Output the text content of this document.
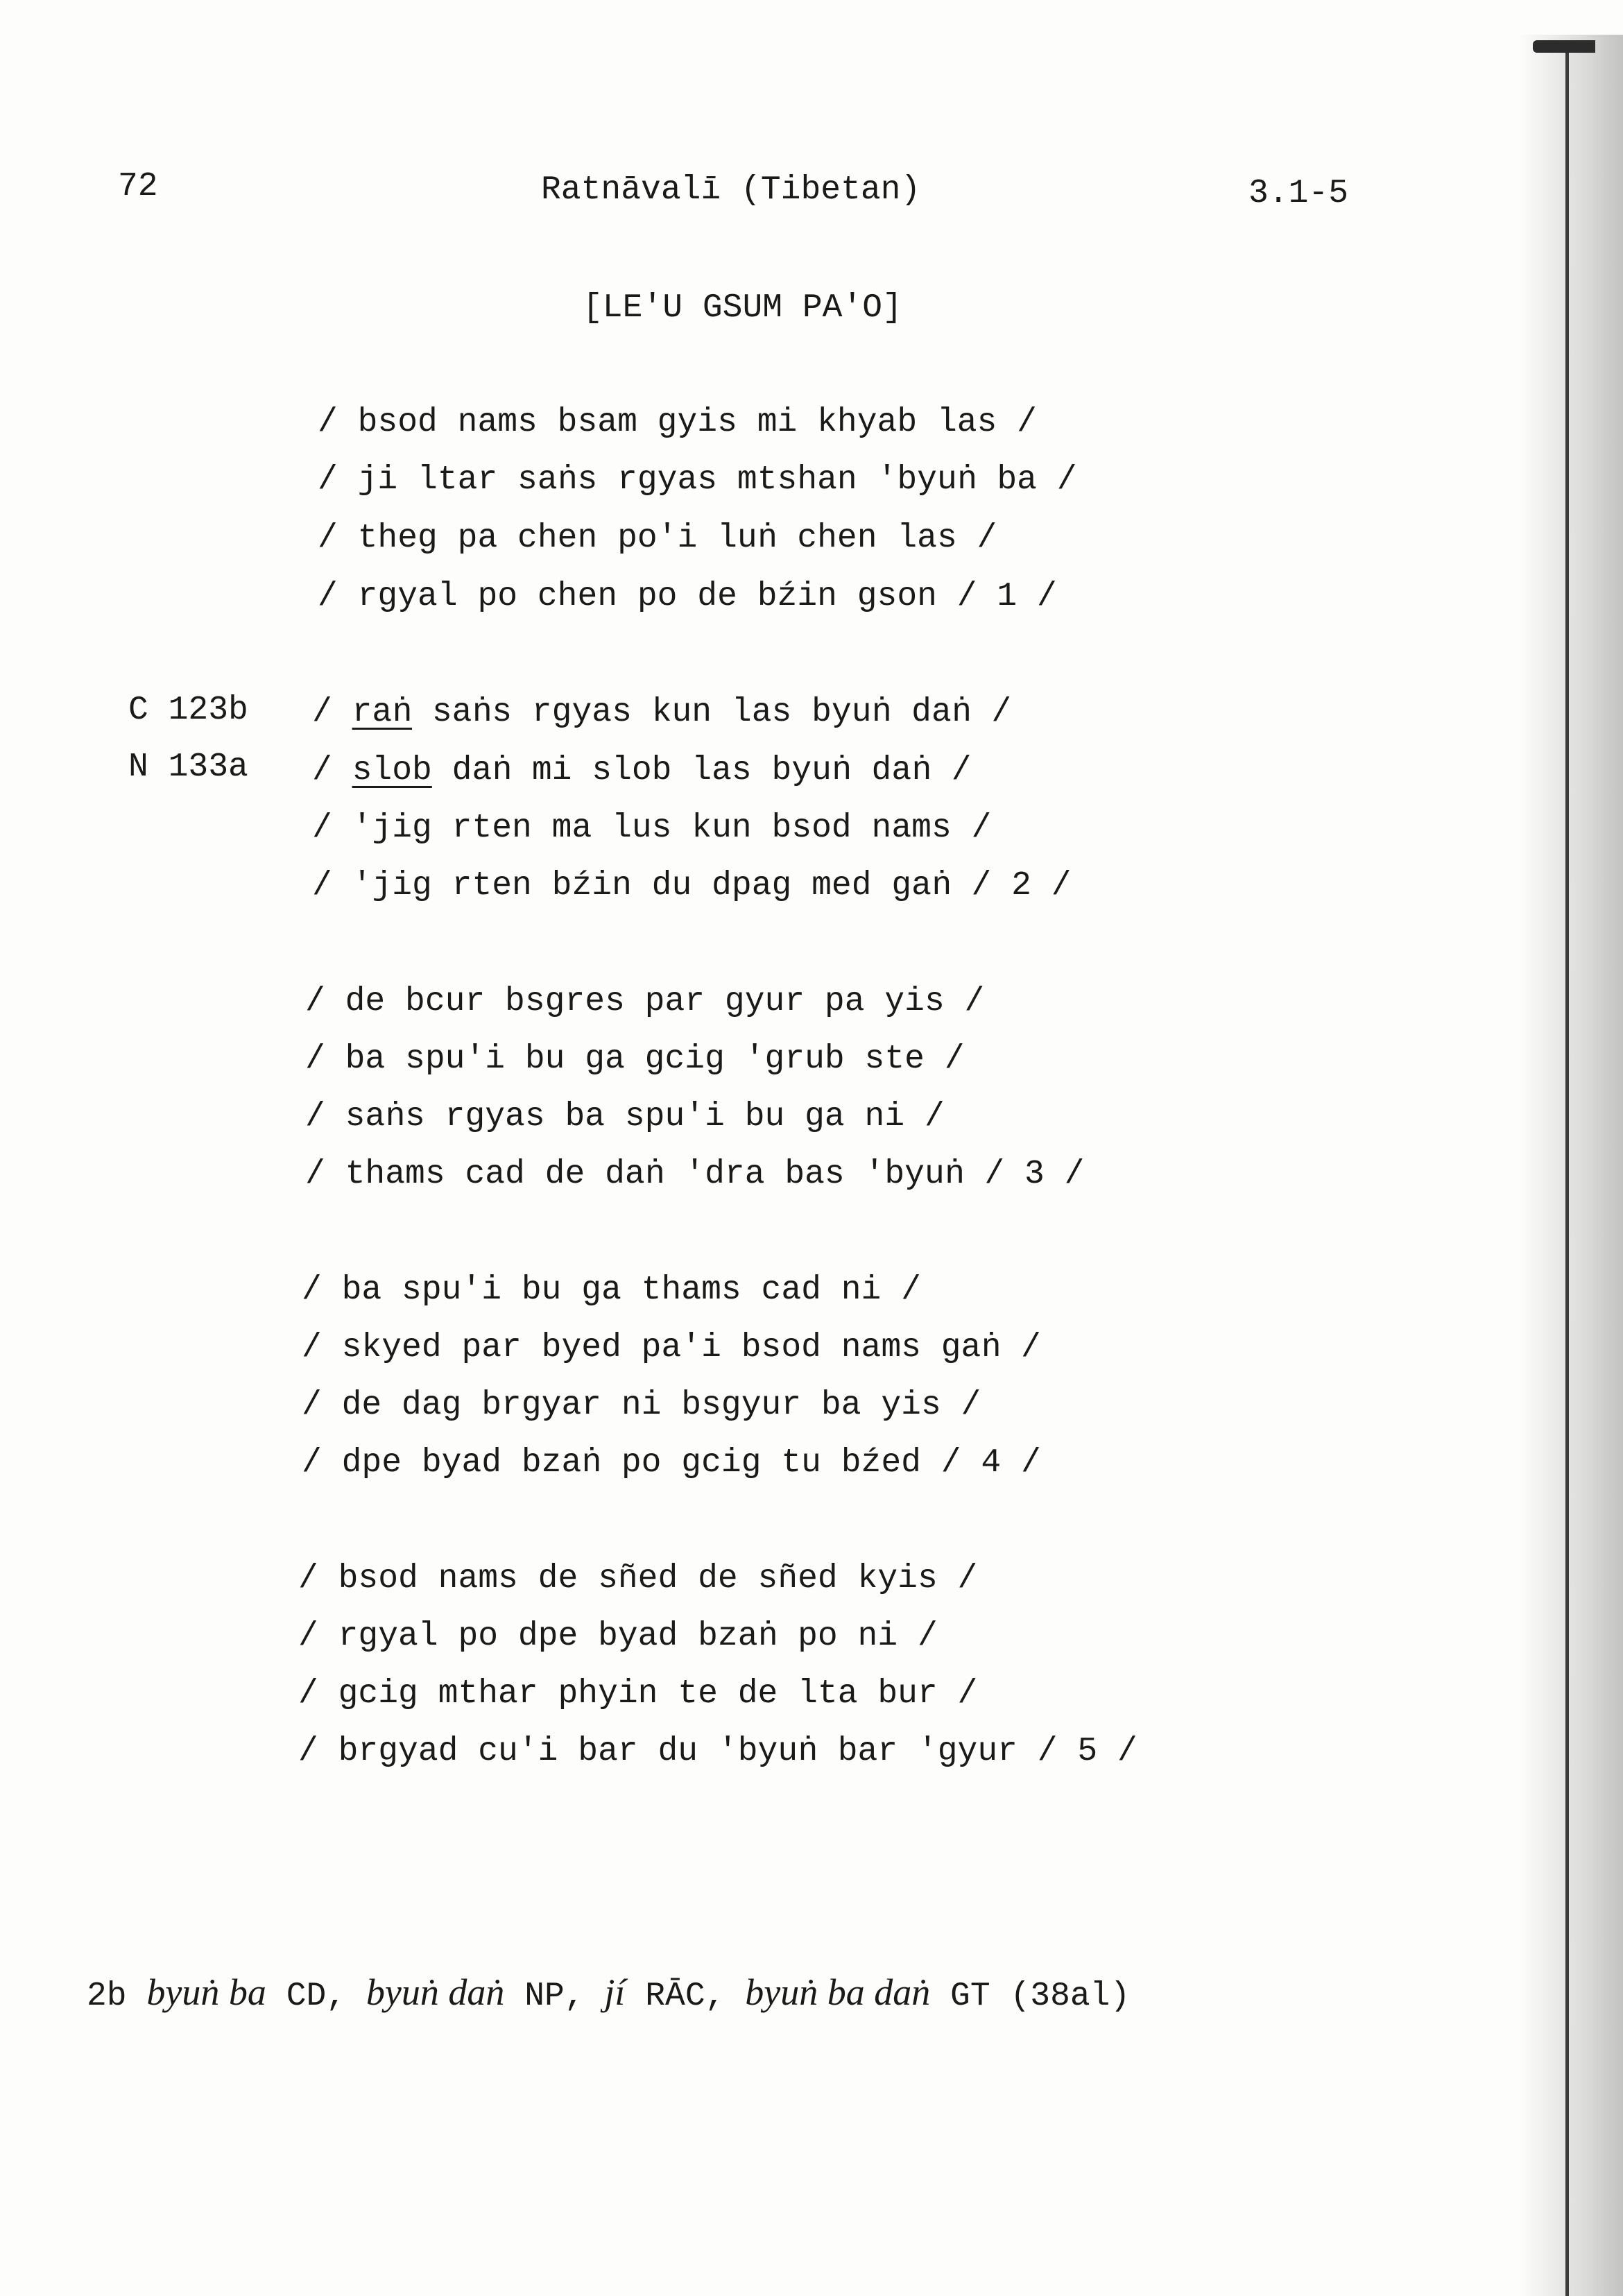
72	Ratnāvalī (Tibetan)	3.1-5
[LE'U GSUM PA'O]
/ bsod nams bsam gyis mi khyab las /
/ ji ltar saṅs rgyas mtshan 'byuṅ ba /
/ theg pa chen po'i luṅ chen las /
/ rgyal po chen po de bźin gson / 1 /
C 123b
N 133a
/ raṅ saṅs rgyas kun las byuṅ daṅ /
/ slob daṅ mi slob las byuṅ daṅ /
/ 'jig rten ma lus kun bsod nams /
/ 'jig rten bźin du dpag med gaṅ / 2 /
/ de bcur bsgres par gyur pa yis /
/ ba spu'i bu ga gcig 'grub ste /
/ saṅs rgyas ba spu'i bu ga ni /
/ thams cad de daṅ 'dra bas 'byuṅ / 3 /
/ ba spu'i bu ga thams cad ni /
/ skyed par byed pa'i bsod nams gaṅ /
/ de dag brgyar ni bsgyur ba yis /
/ dpe byad bzaṅ po gcig tu bźed / 4 /
/ bsod nams de sñed de sñed kyis /
/ rgyal po dpe byad bzaṅ po ni /
/ gcig mthar phyin te de lta bur /
/ brgyad cu'i bar du 'byuṅ bar 'gyur / 5 /
2b byuṅ ba CD, byuṅ daṅ NP, jí RĀC, byuṅ ba daṅ GT (38al)
